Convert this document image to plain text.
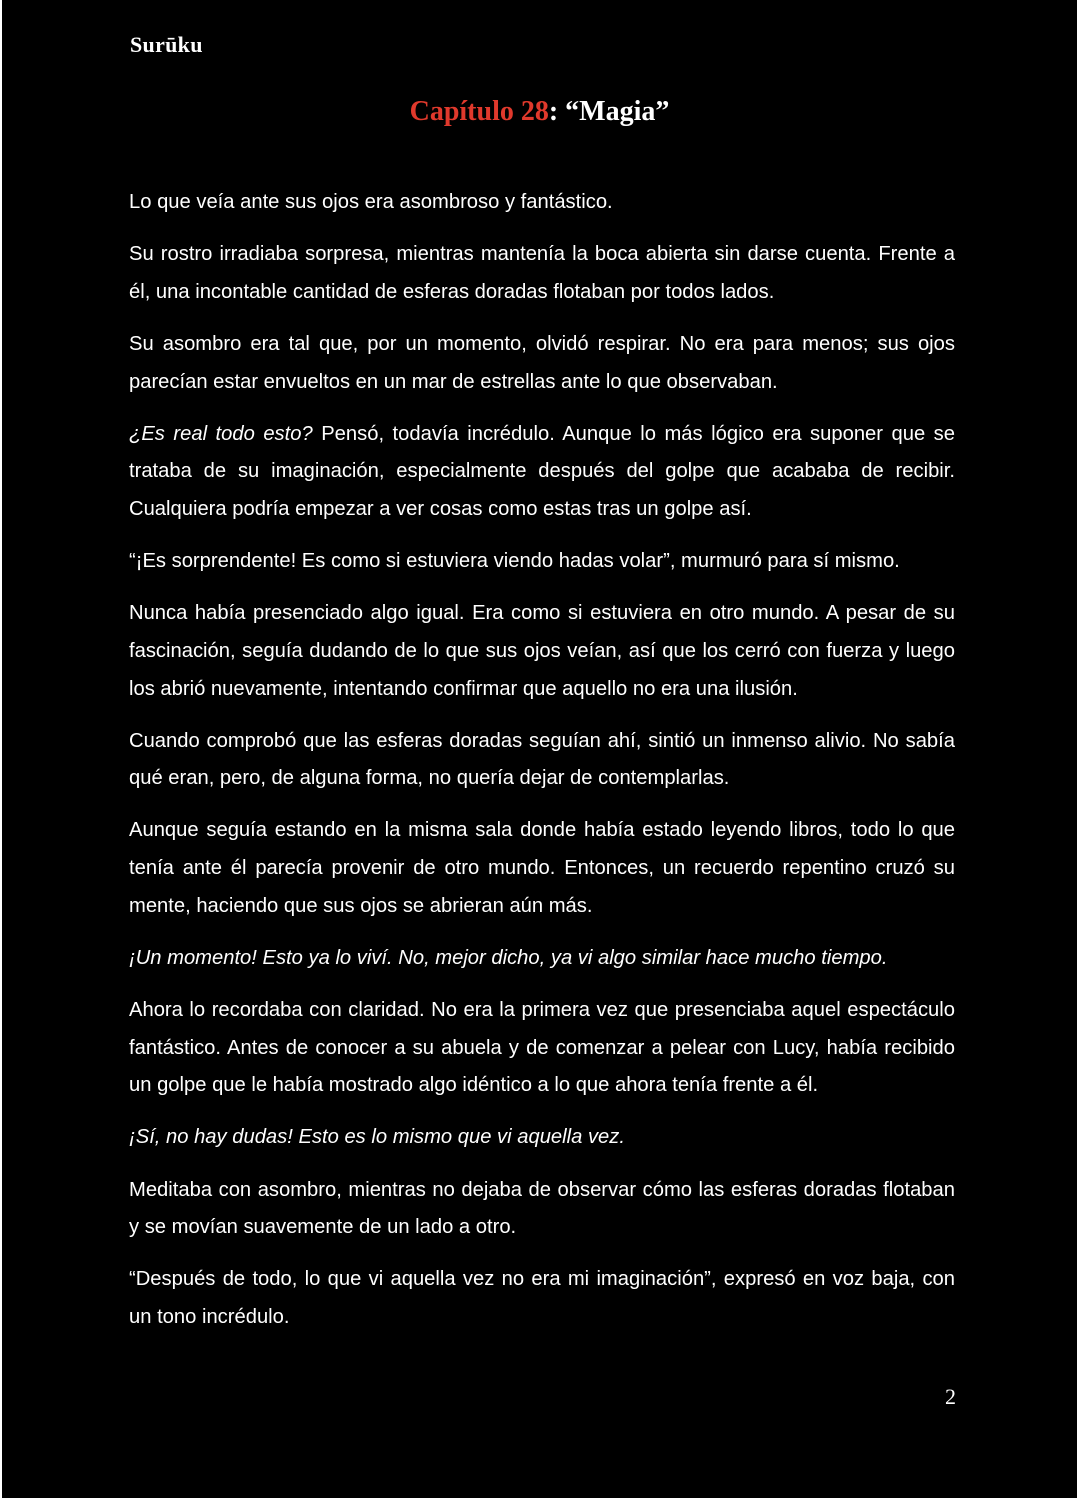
Surūku
Capítulo 28: “Magia”

Lo que veía ante sus ojos era asombroso y fantástico.

Su rostro irradiaba sorpresa, mientras mantenía la boca abierta sin darse cuenta. Frente a él, una incontable cantidad de esferas doradas flotaban por todos lados.

Su asombro era tal que, por un momento, olvidó respirar. No era para menos; sus ojos parecían estar envueltos en un mar de estrellas ante lo que observaban.

¿Es real todo esto? Pensó, todavía incrédulo. Aunque lo más lógico era suponer que se trataba de su imaginación, especialmente después del golpe que acababa de recibir. Cualquiera podría empezar a ver cosas como estas tras un golpe así.

“¡Es sorprendente! Es como si estuviera viendo hadas volar”, murmuró para sí mismo.

Nunca había presenciado algo igual. Era como si estuviera en otro mundo. A pesar de su fascinación, seguía dudando de lo que sus ojos veían, así que los cerró con fuerza y luego los abrió nuevamente, intentando confirmar que aquello no era una ilusión.

Cuando comprobó que las esferas doradas seguían ahí, sintió un inmenso alivio. No sabía qué eran, pero, de alguna forma, no quería dejar de contemplarlas.

Aunque seguía estando en la misma sala donde había estado leyendo libros, todo lo que tenía ante él parecía provenir de otro mundo. Entonces, un recuerdo repentino cruzó su mente, haciendo que sus ojos se abrieran aún más.

¡Un momento! Esto ya lo viví. No, mejor dicho, ya vi algo similar hace mucho tiempo.

Ahora lo recordaba con claridad. No era la primera vez que presenciaba aquel espectáculo fantástico. Antes de conocer a su abuela y de comenzar a pelear con Lucy, había recibido un golpe que le había mostrado algo idéntico a lo que ahora tenía frente a él.

¡Sí, no hay dudas! Esto es lo mismo que vi aquella vez.

Meditaba con asombro, mientras no dejaba de observar cómo las esferas doradas flotaban y se movían suavemente de un lado a otro.

“Después de todo, lo que vi aquella vez no era mi imaginación”, expresó en voz baja, con un tono incrédulo.

2
